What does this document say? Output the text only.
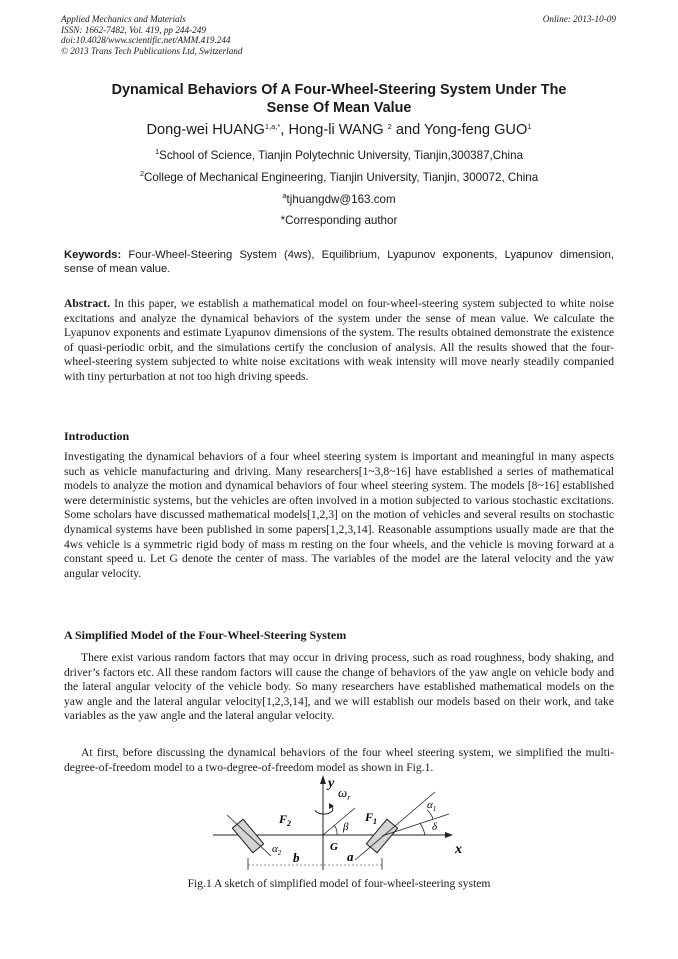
Applied Mechanics and Materials
ISSN: 1662-7482, Vol. 419, pp 244-249
doi:10.4028/www.scientific.net/AMM.419.244
© 2013 Trans Tech Publications Ltd, Switzerland
Online: 2013-10-09
Dynamical Behaviors Of A Four-Wheel-Steering System Under The
Sense Of Mean Value
Dong-wei $HUANG^{1,a,*}$, Hong-li WANG $^2$ and Yong-feng GUO$^1$
$^1$School of Science, Tianjin Polytechnic University, Tianjin,300387,China
$^2$College of Mechanical Engineering, Tianjin University, Tianjin, 300072, China
$^a$tjhuangdw@163.com
*Corresponding author
Keywords: Four-Wheel-Steering System (4ws), Equilibrium, Lyapunov exponents, Lyapunov dimension, sense of mean value.
Abstract. In this paper, we establish a mathematical model on four-wheel-steering system subjected to white noise excitations and analyze the dynamical behaviors of the system under the sense of mean value. We calculate the Lyapunov exponents and estimate Lyapunov dimensions of the system. The results obtained demonstrate the existence of quasi-periodic orbit, and the simulations certify the conclusion of analysis. All the results showed that the four-wheel-steering system subjected to white noise excitations with weak intensity will move nearly steadily companied with tiny perturbation at not too high driving speeds.
Introduction
Investigating the dynamical behaviors of a four wheel steering system is important and meaningful in many aspects such as vehicle manufacturing and driving. Many researchers[1~3,8~16] have established a series of mathematical models to analyze the motion and dynamical behaviors of four wheel steering system. The models [8~16] established were deterministic systems, but the vehicles are often involved in a motion subjected to various stochastic excitations. Some scholars have discussed mathematical models[1,2,3] on the motion of vehicles and several results on stochastic dynamical systems have been published in some papers[1,2,3,14]. Reasonable assumptions usually made are that the 4ws vehicle is a symmetric rigid body of mass m resting on the four wheels, and the vehicle is moving forward at a constant speed u. Let G denote the center of mass. The variables of the model are the lateral velocity and the yaw angular velocity.
A Simplified Model of the Four-Wheel-Steering System
There exist various random factors that may occur in driving process, such as road roughness, body shaking, and driver’s factors etc. All these random factors will cause the change of behaviors of the yaw angle on vehicle body and the lateral angular velocity of the vehicle body. So many researchers have established mathematical models on the yaw angle and the lateral angular velocity[1,2,3,14], and we will establish our models based on their work, and take variables as the yaw angle and the lateral angular velocity.
At first, before discussing the dynamical behaviors of the four wheel steering system, we simplified the multi-degree-of-freedom model to a two-degree-of-freedom model as shown in Fig.1.
y
x
$\omega_r$
$F_1$
$F_2$
$\alpha_1$
$\alpha_2$
β	δ
G
a
b
Fig.1 A sketch of simplified model of four-wheel-steering system
